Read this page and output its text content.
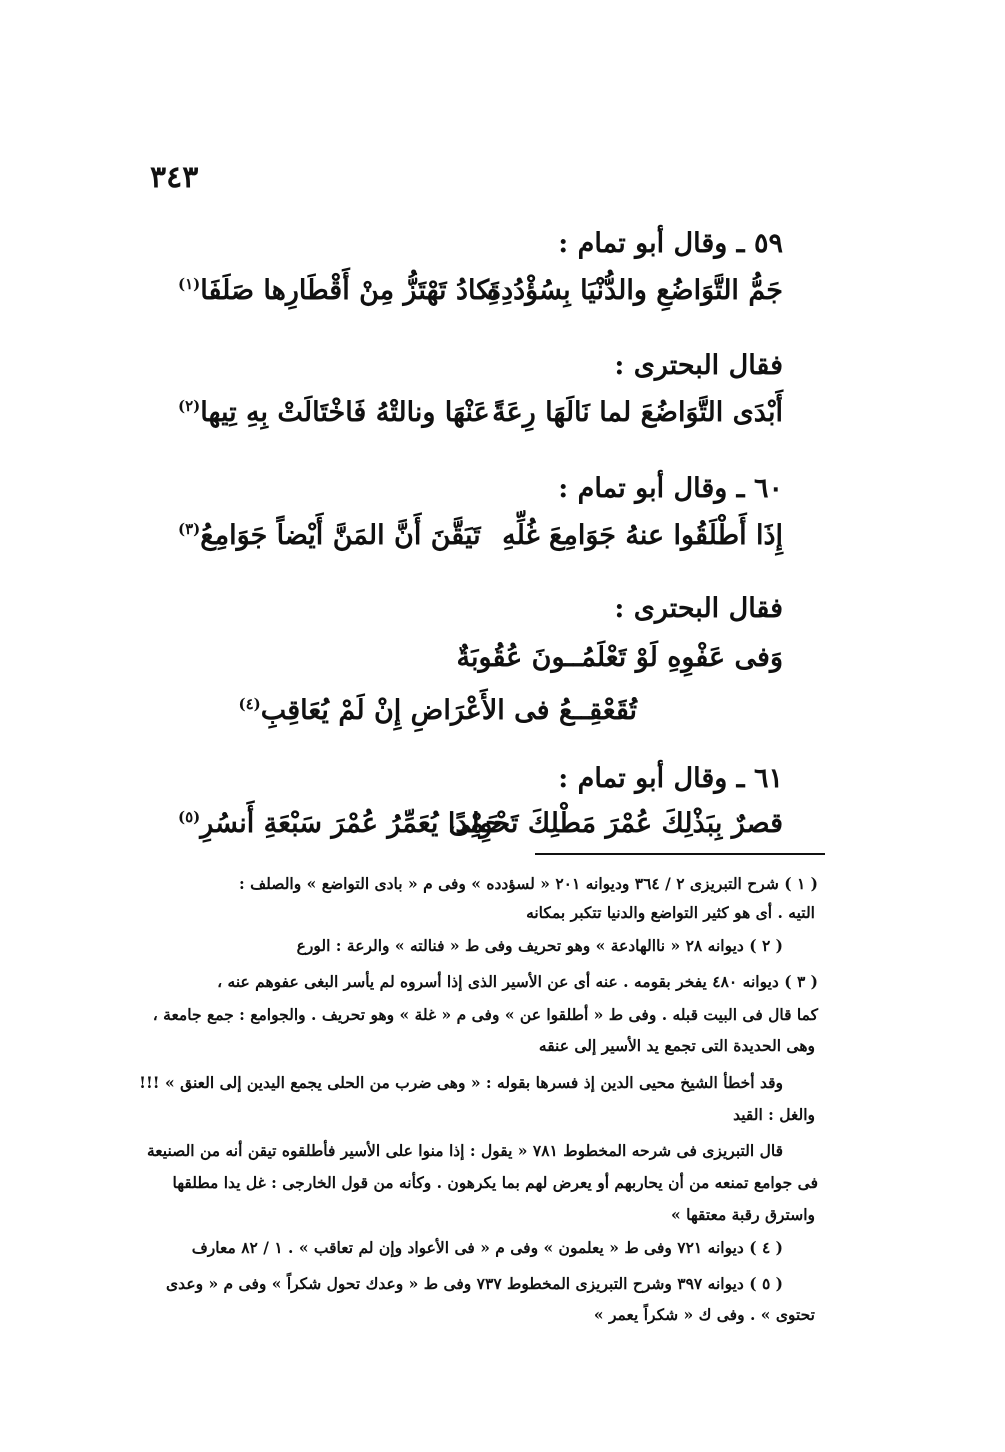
٣٤٣
٥٩ ـ وقال أبو تمام :
جَمُّ التَّوَاضُعِ والدُّنْيَا بِسُؤْدُدِهِ
تَكادُ تَهْتَزُّ مِنْ أَقْطَارِها صَلَفَا$^{(١)}$
فقال البحترى :
أَبْدَى التَّوَاضُعَ لما نَالَهَا رِعَةً
عَنْهَا ونالتْهُ فَاخْتَالَتْ بِهِ تِيها$^{(٢)}$
٦٠ ـ وقال أبو تمام :
إِذَا أَطْلَقُوا عنهُ جَوَامِعَ غُلِّهِ
تَيَقَّنَ أَنَّ المَنَّ أَيْضاً جَوَامِعُ$^{(٣)}$
فقال البحترى :
وَفى عَفْوِهِ لَوْ تَعْلَمُــونَ عُقُوبَةٌ
تُقَعْقِــعُ فى الأَعْرَاضِ إِنْ لَمْ يُعَاقِبِ$^{(٤)}$
٦١ ـ وقال أبو تمام :
قصرٌ بِبَذْلِكَ عُمْرَ مَطْلِكَ تَحْوِلِى
حَمْدًا يُعَمِّرُ عُمْرَ سَبْعَةِ أَنسُرِ$^{(٥)}$
( ١ ) شرح التبريزى ٢ / ٣٦٤ وديوانه ٢٠١ « لسؤدده » وفى م « بادى التواضع » والصلف :
التيه . أى هو كثير التواضع والدنيا تتكبر بمكانه
( ٢ ) ديوانه ٢٨ « ناالهادعة » وهو تحريف وفى ط « فنالته » والرعة : الورع
( ٣ ) ديوانه ٤٨٠ يفخر بقومه . عنه أى عن الأسير الذى إذا أسروه لم يأسر البغى عفوهم عنه ،
كما قال فى البيت قبله . وفى ط « أطلقوا عن » وفى م « غلة » وهو تحريف . والجوامع : جمع جامعة ،
وهى الحديدة التى تجمع يد الأسير إلى عنقه
وقد أخطأ الشيخ محيى الدين إذ فسرها بقوله : « وهى ضرب من الحلى يجمع اليدين إلى العنق » !!!
والغل : القيد
قال التبريزى فى شرحه المخطوط ٧٨١ « يقول : إذا منوا على الأسير فأطلقوه تيقن أنه من الصنيعة
فى جوامع تمنعه من أن يحاربهم أو يعرض لهم بما يكرهون . وكأنه من قول الخارجى : غل يدا مطلقها
واسترق رقبة معتقها »
( ٤ ) ديوانه ٧٢١ وفى ط « يعلمون » وفى م « فى الأعواد وإن لم تعاقب » . ١ / ٨٢ معارف
( ٥ ) ديوانه ٣٩٧ وشرح التبريزى المخطوط ٧٣٧ وفى ط « وعدك تحول شكراً » وفى م « وعدى
تحتوى » . وفى ك « شكراً يعمر »
